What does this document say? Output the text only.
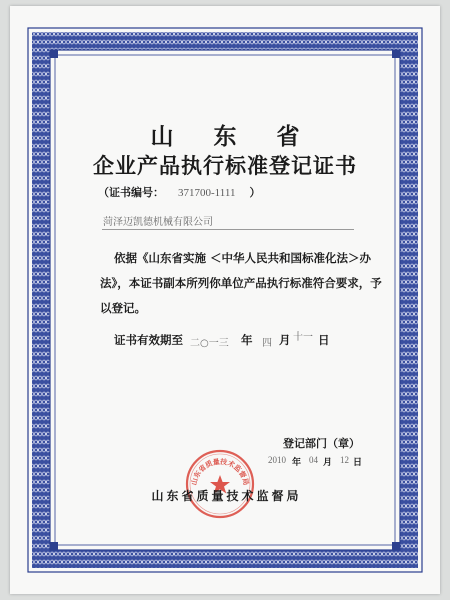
山 东 省
企业产品执行标准登记证书
（证书编号： 371700-1111 ）
菏泽迈凯德机械有限公司
依据《山东省实施 ＜中华人民共和国标准化法＞办
法》，本证书副本所列你单位产品执行标准符合要求，予
以登记。
证书有效期至 二○一三 年 四 月 十一 日
登记部门（章）
2010 年 04 月 12 日
山东省质量技术监督局
山东省质量技术监督局
